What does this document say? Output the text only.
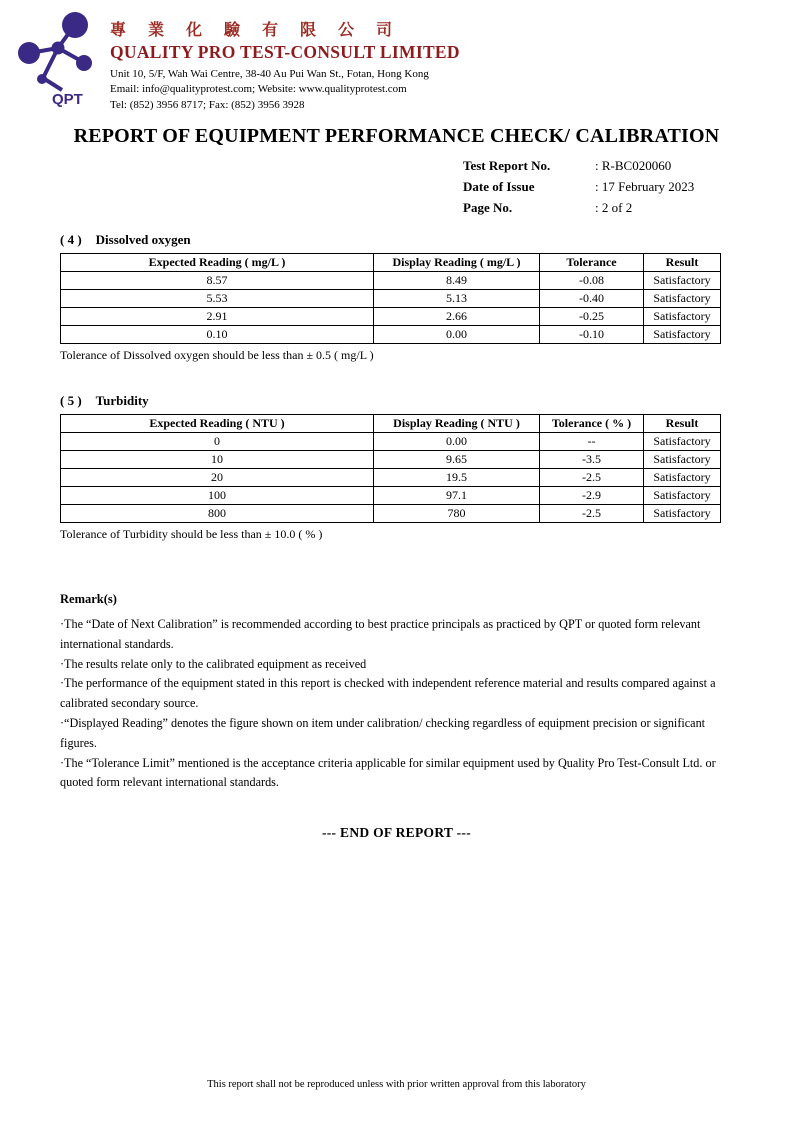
QPT
專 業 化 驗 有 限 公 司
QUALITY PRO TEST-CONSULT LIMITED
Unit 10, 5/F, Wah Wai Centre, 38-40 Au Pui Wan St., Fotan, Hong Kong
Email: info@qualityprotest.com; Website: www.qualityprotest.com
Tel: (852) 3956 8717; Fax: (852) 3956 3928
REPORT OF EQUIPMENT PERFORMANCE CHECK/ CALIBRATION
Test Report No.	: R-BC020060
Date of Issue	: 17 February 2023
Page No.	: 2 of 2
( 4 ) Dissolved oxygen
Expected Reading ( mg/L )	Display Reading ( mg/L )	Tolerance	Result
8.57	8.49	-0.08	Satisfactory
5.53	5.13	-0.40	Satisfactory
2.91	2.66	-0.25	Satisfactory
0.10	0.00	-0.10	Satisfactory
Tolerance of Dissolved oxygen should be less than ± 0.5 ( mg/L )
( 5 ) Turbidity
Expected Reading ( NTU )	Display Reading ( NTU )	Tolerance ( % )	Result
0	0.00	--	Satisfactory
10	9.65	-3.5	Satisfactory
20	19.5	-2.5	Satisfactory
100	97.1	-2.9	Satisfactory
800	780	-2.5	Satisfactory
Tolerance of Turbidity should be less than ± 10.0 ( % )
Remark(s)
·The “Date of Next Calibration” is recommended according to best practice principals as practiced by QPT or quoted form relevant international standards.
·The results relate only to the calibrated equipment as received
·The performance of the equipment stated in this report is checked with independent reference material and results compared against a calibrated secondary source.
·“Displayed Reading” denotes the figure shown on item under calibration/ checking regardless of equipment precision or significant figures.
·The “Tolerance Limit” mentioned is the acceptance criteria applicable for similar equipment used by Quality Pro Test-Consult Ltd. or quoted form relevant international standards.
--- END OF REPORT ---
This report shall not be reproduced unless with prior written approval from this laboratory
